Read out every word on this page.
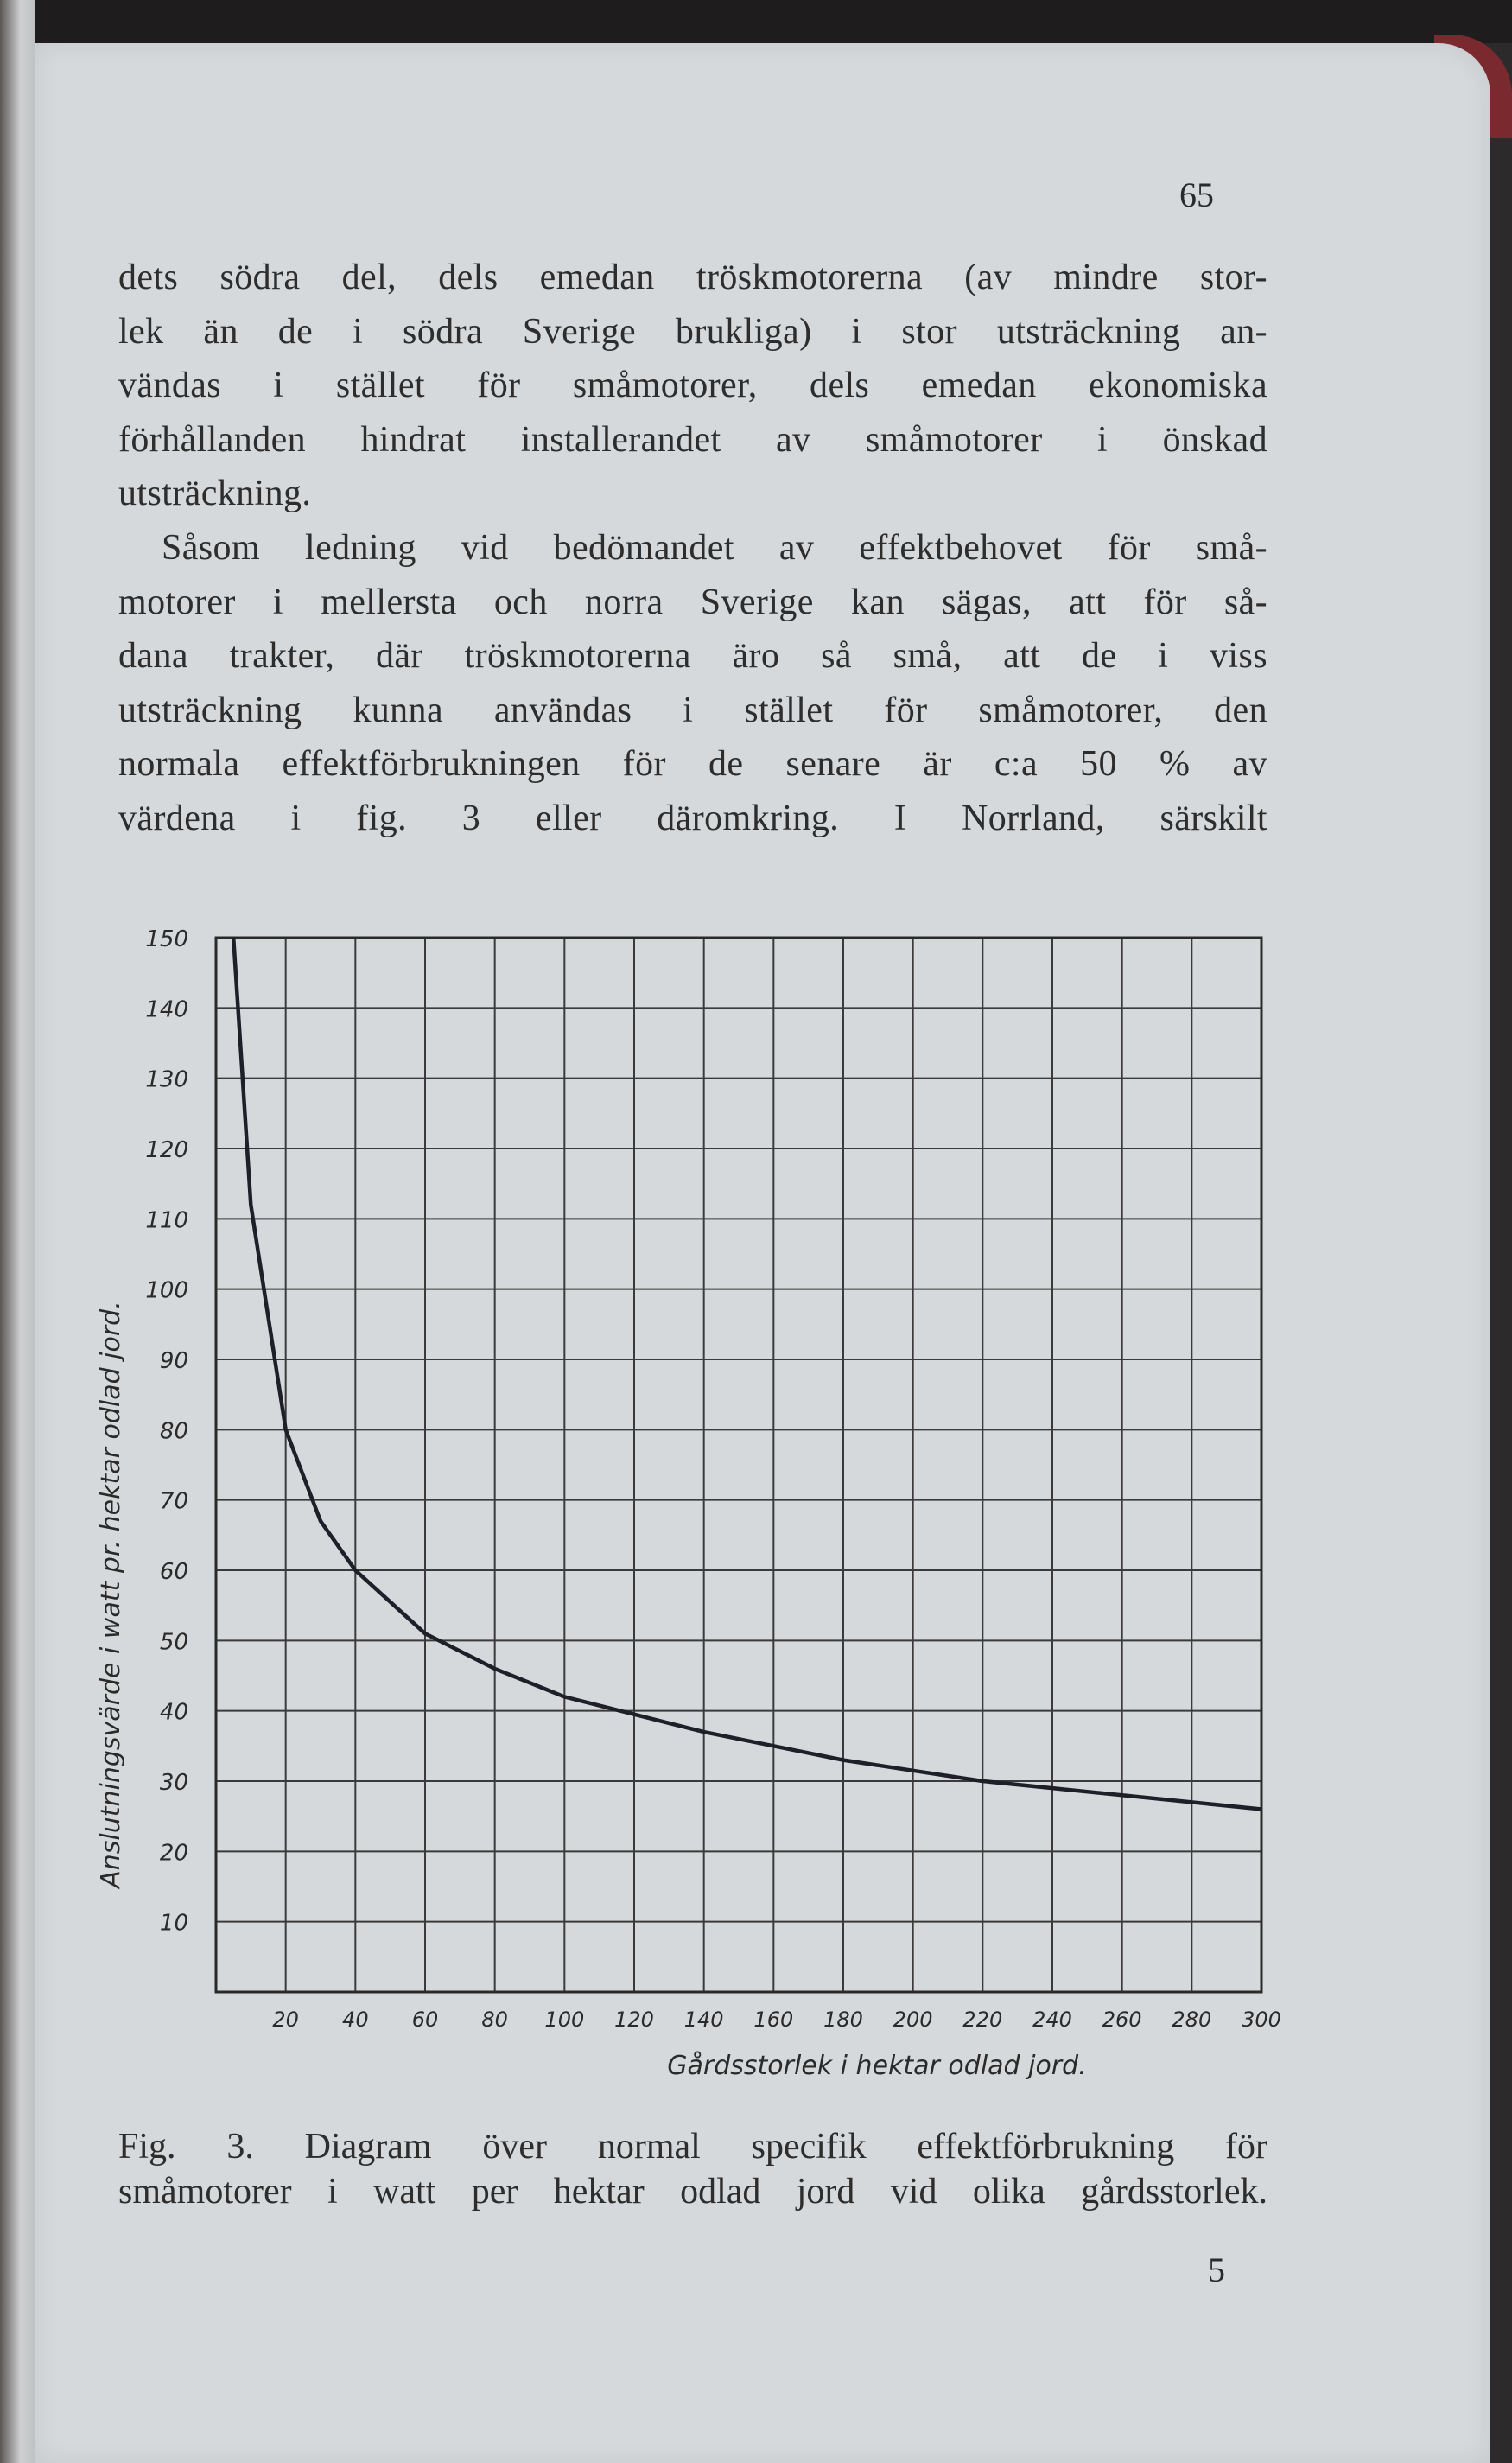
65
dets södra del, dels emedan tröskmotorerna (av mindre stor-
lek än de i södra Sverige brukliga) i stor utsträckning an-
vändas i stället för småmotorer, dels emedan ekonomiska
förhållanden hindrat installerandet av småmotorer i önskad
utsträckning.
Såsom ledning vid bedömandet av effektbehovet för små-
motorer i mellersta och norra Sverige kan sägas, att för så-
dana trakter, där tröskmotorerna äro så små, att de i viss
utsträckning kunna användas i stället för småmotorer, den
normala effektförbrukningen för de senare är c:a 50 % av
värdena i fig. 3 eller däromkring. I Norrland, särskilt
10
20
30
40
50
60
70
80
90
100
110
120
130
140
150
20 40 60 80 100 120 140 160 180 200 220 240 260 280 300
Gårdsstorlek i hektar odlad jord.
Anslutningsvärde i watt pr. hektar odlad jord.
Fig. 3. Diagram över normal specifik effektförbrukning för
småmotorer i watt per hektar odlad jord vid olika gårdsstorlek.
5
